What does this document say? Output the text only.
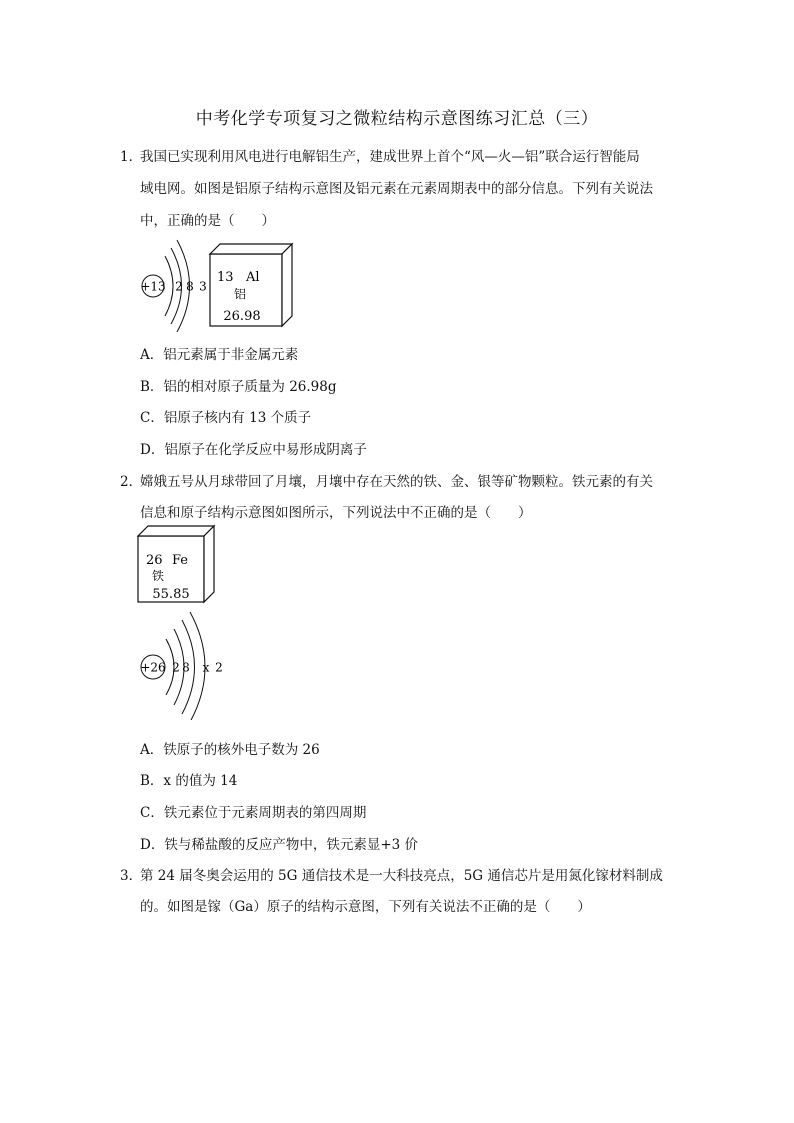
中考化学专项复习之微粒结构示意图练习汇总（三）
1．
我国已实现利用风电进行电解铝生产，建成世界上首个“风—火—铝”联合运行智能局
域电网。如图是铝原子结构示意图及铝元素在元素周期表中的部分信息。下列有关说法
中，正确的是（　　）
+13 2 8 3
13 Al
铝
26.98
A．铝元素属于非金属元素
B．铝的相对原子质量为 26.98g
C．铝原子核内有 13 个质子
D．铝原子在化学反应中易形成阴离子
2．
嫦娥五号从月球带回了月壤，月壤中存在天然的铁、金、银等矿物颗粒。铁元素的有关
信息和原子结构示意图如图所示，下列说法中不正确的是（　　）
26 Fe
铁
55.85
+26 2 8 x 2
A．铁原子的核外电子数为 26
B．x 的值为 14
C．铁元素位于元素周期表的第四周期
D．铁与稀盐酸的反应产物中，铁元素显+3 价
3．
第 24 届冬奥会运用的 5G 通信技术是一大科技亮点，5G 通信芯片是用氮化镓材料制成
的。如图是镓（Ga）原子的结构示意图，下列有关说法不正确的是（　　）
